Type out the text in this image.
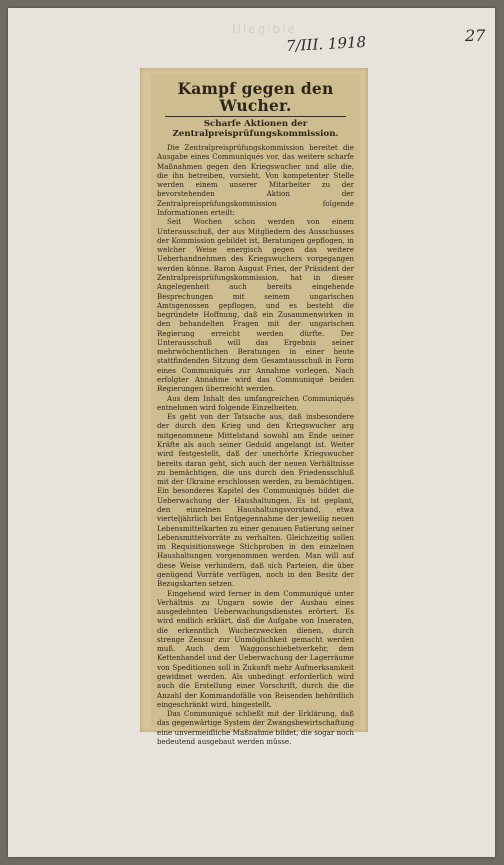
Illegible
7/III. 1918	27
Kampf gegen den Wucher.
Scharfe Aktionen der Zentralpreisprüfungskommission.

Die Zentralpreisprüfungskommission bereitet die Ausgabe eines Communiqués vor, das weitere scharfe Maßnahmen gegen den Kriegswucher und alle die, die ihn betreiben, vorsieht. Von kompetenter Stelle werden einem unserer Mitarbeiter zu der bevorstehenden Aktion der Zentralpreisprüfungskommission folgende Informationen erteilt:

Seit Wochen schon werden von einem Unterausschuß, der aus Mitgliedern des Ausschusses der Kommission gebildet ist, Beratungen gepflogen, in welcher Weise energisch gegen das weitere Ueberhandnehmen des Kriegswuchers vorgegangen werden könne. Baron August Fries, der Präsident der Zentralpreisprüfungskommission, hat in dieser Angelegenheit auch bereits eingehende Besprechungen mit seinem ungarischen Amtsgenossen gepflogen, und es besteht die begründete Hoffnung, daß ein Zusammenwirken in den behandelten Fragen mit der ungarischen Regierung erreicht werden dürfte. Der Unterausschuß will das Ergebnis seiner mehrwöchentlichen Beratungen in einer heute stattfindenden Sitzung dem Gesamtausschuß in Form eines Communiqués zur Annahme vorlegen. Nach erfolgter Annahme wird das Communiqué beiden Regierungen überreicht werden.

Aus dem Inhalt des umfangreichen Communiqués entnehmen wird folgende Einzelheiten.

Es geht von der Tatsache aus, daß insbesondere der durch den Krieg und den Kriegswucher arg mitgenommene Mittelstand sowohl am Ende seiner Kräfte als auch seiner Geduld angelangt ist. Weiter wird festgestellt, daß der unerhörte Kriegswucher bereits daran geht, sich auch der neuen Verhältnisse zu bemächtigen, die uns durch den Friedensschluß mit der Ukraine erschlossen werden, zu bemächtigen. Ein besonderes Kapitel des Communiqués bildet die Ueberwachung der Haushaltungen. Es ist geplant, den einzelnen Haushaltungsvorstand, etwa vierteljährlich bei Entgegennahme der jeweilig neuen Lebensmittelkarten zu einer genauen Fatierung seiner Lebensmittelvorräte zu verhalten. Gleichzeitig sollen im Requisitionswege Stichproben in den einzelnen Haushaltungen vorgenommen werden. Man will auf diese Weise verhindern, daß sich Parteien, die über genügend Vorräte verfügen, noch in den Besitz der Bezugskarten setzen.

Eingehend wird ferner in dem Communiqué unter Verhältnis zu Ungarn sowie der Ausbau eines ausgedehnten Ueberwachungsdienstes erörtert. Es wird endlich erklärt, daß die Aufgabe von Inseraten, die erkenntlich Wucherzwecken dienen, durch strenge Zensur zur Unmöglichkeit gemacht werden muß. Auch dem Waggonschiebetverkehr, dem Kettenhandel und der Ueberwachung der Lagerräume von Speditionen soll in Zukunft mehr Aufmerksamkeit gewidmet werden. Als unbedingt erforderlich wird auch die Erstellung einer Vorschrift, durch die die Anzahl der Kommandofälle von Reisenden behördlich eingeschränkt wird, hingestellt.

Das Communiqué schließt mit der Erklärung, daß das gegenwärtige System der Zwangsbewirtschaftung eine unvermeidliche Maßnahme bildet, die sogar noch bedeutend ausgebaut werden müsse.
